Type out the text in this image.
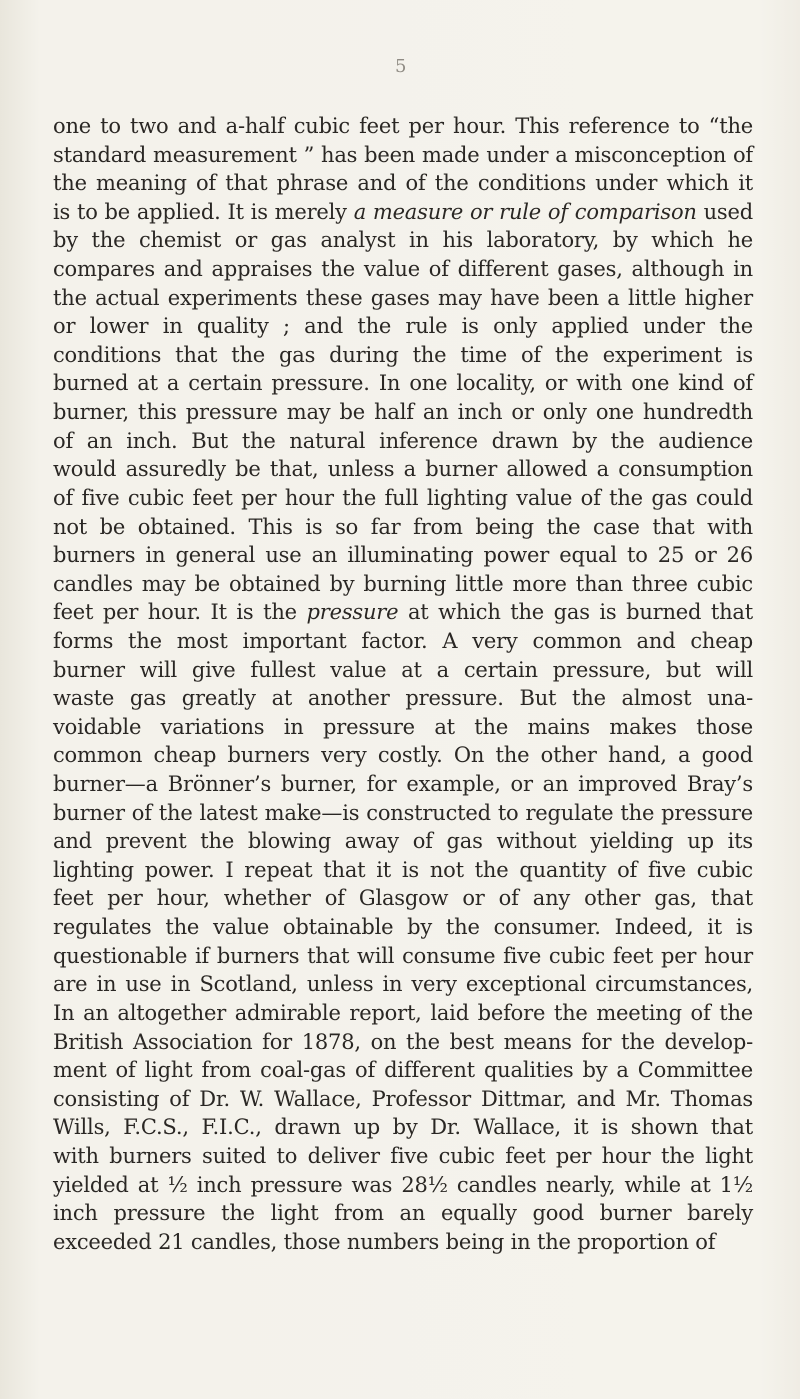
5
one to two and a-half cubic feet per hour. This reference to “the
standard measurement ” has been made under a misconception of
the meaning of that phrase and of the conditions under which it
is to be applied. It is merely a measure or rule of comparison used
by the chemist or gas analyst in his laboratory, by which he
compares and appraises the value of different gases, although in
the actual experiments these gases may have been a little higher
or lower in quality ; and the rule is only applied under the
conditions that the gas during the time of the experiment is
burned at a certain pressure. In one locality, or with one kind of
burner, this pressure may be half an inch or only one hundredth
of an inch. But the natural inference drawn by the audience
would assuredly be that, unless a burner allowed a consumption
of five cubic feet per hour the full lighting value of the gas could
not be obtained. This is so far from being the case that with
burners in general use an illuminating power equal to 25 or 26
candles may be obtained by burning little more than three cubic
feet per hour. It is the pressure at which the gas is burned that
forms the most important factor. A very common and cheap
burner will give fullest value at a certain pressure, but will
waste gas greatly at another pressure. But the almost una-
voidable variations in pressure at the mains makes those
common cheap burners very costly. On the other hand, a good
burner—a Brönner’s burner, for example, or an improved Bray’s
burner of the latest make—is constructed to regulate the pressure
and prevent the blowing away of gas without yielding up its
lighting power. I repeat that it is not the quantity of five cubic
feet per hour, whether of Glasgow or of any other gas, that
regulates the value obtainable by the consumer. Indeed, it is
questionable if burners that will consume five cubic feet per hour
are in use in Scotland, unless in very exceptional circumstances,
In an altogether admirable report, laid before the meeting of the
British Association for 1878, on the best means for the develop-
ment of light from coal-gas of different qualities by a Committee
consisting of Dr. W. Wallace, Professor Dittmar, and Mr. Thomas
Wills, F.C.S., F.I.C., drawn up by Dr. Wallace, it is shown that
with burners suited to deliver five cubic feet per hour the light
yielded at ½ inch pressure was 28½ candles nearly, while at 1½
inch pressure the light from an equally good burner barely
exceeded 21 candles, those numbers being in the proportion of
